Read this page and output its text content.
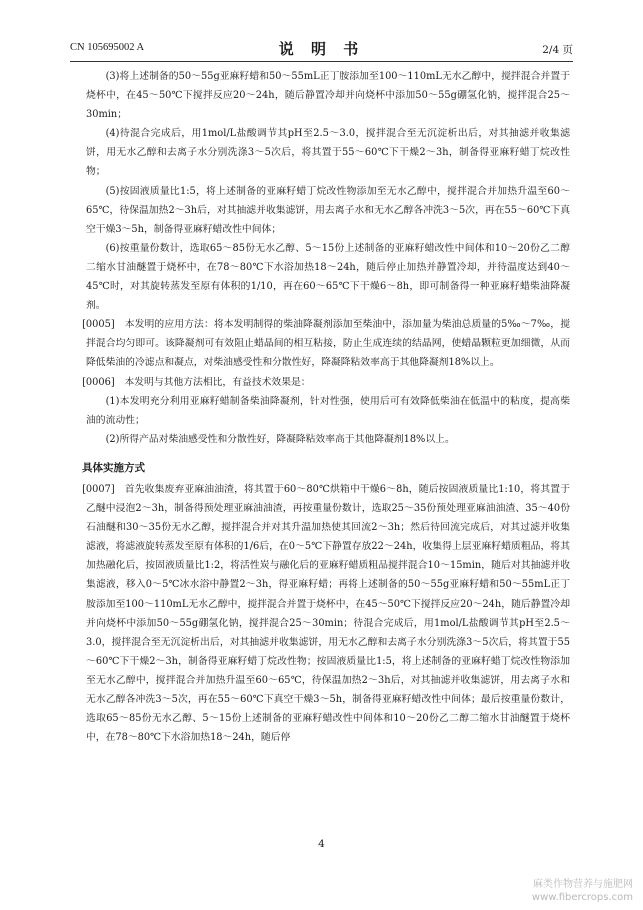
CN 105695002 A	说 明 书	2/4 页

(3)将上述制备的50～55g亚麻籽蜡和50～55mL正丁胺添加至100～110mL无水乙醇中，搅拌混合并置于烧杯中，在45～50℃下搅拌反应20～24h，随后静置冷却并向烧杯中添加50～55g硼氢化钠，搅拌混合25～30min；

(4)待混合完成后，用1mol/L盐酸调节其pH至2.5～3.0，搅拌混合至无沉淀析出后，对其抽滤并收集滤饼，用无水乙醇和去离子水分别洗涤3～5次后，将其置于55～60℃下干燥2～3h，制备得亚麻籽蜡丁烷改性物；

(5)按固液质量比1:5，将上述制备的亚麻籽蜡丁烷改性物添加至无水乙醇中，搅拌混合并加热升温至60～65℃，待保温加热2～3h后，对其抽滤并收集滤饼，用去离子水和无水乙醇各冲洗3～5次，再在55～60℃下真空干燥3～5h，制备得亚麻籽蜡改性中间体；

(6)按重量份数计，选取65～85份无水乙醇、5～15份上述制备的亚麻籽蜡改性中间体和10～20份乙二醇二缩水甘油醚置于烧杯中，在78～80℃下水浴加热18～24h，随后停止加热并静置冷却，并待温度达到40～45℃时，对其旋转蒸发至原有体积的1/10，再在60～65℃下干燥6～8h，即可制备得一种亚麻籽蜡柴油降凝剂。

[0005]　本发明的应用方法：将本发明制得的柴油降凝剂添加至柴油中，添加量为柴油总质量的5‰～7‰，搅拌混合均匀即可。该降凝剂可有效阻止蜡晶间的相互粘接，防止生成连续的结晶网，使蜡晶颗粒更加细微，从而降低柴油的冷滤点和凝点，对柴油感受性和分散性好，降凝降粘效率高于其他降凝剂18%以上。

[0006]　本发明与其他方法相比，有益技术效果是：

(1)本发明充分利用亚麻籽蜡制备柴油降凝剂，针对性强，使用后可有效降低柴油在低温中的粘度，提高柴油的流动性；

(2)所得产品对柴油感受性和分散性好，降凝降粘效率高于其他降凝剂18%以上。

具体实施方式

[0007]　首先收集废弃亚麻油油渣，将其置于60～80℃烘箱中干燥6～8h，随后按固液质量比1:10，将其置于乙醚中浸泡2～3h，制备得预处理亚麻油油渣，再按重量份数计，选取25～35份预处理亚麻油油渣、35～40份石油醚和30～35份无水乙醇，搅拌混合并对其升温加热使其回流2～3h；然后待回流完成后，对其过滤并收集滤液，将滤液旋转蒸发至原有体积的1/6后，在0～5℃下静置存放22～24h，收集得上层亚麻籽蜡质粗品，将其加热融化后，按固液质量比1:2，将活性炭与融化后的亚麻籽蜡质粗品搅拌混合10～15min，随后对其抽滤并收集滤液，移入0～5℃冰水浴中静置2～3h，得亚麻籽蜡；再将上述制备的50～55g亚麻籽蜡和50～55mL正丁胺添加至100～110mL无水乙醇中，搅拌混合并置于烧杯中，在45～50℃下搅拌反应20～24h，随后静置冷却并向烧杯中添加50～55g硼氢化钠，搅拌混合25～30min；待混合完成后，用1mol/L盐酸调节其pH至2.5～3.0，搅拌混合至无沉淀析出后，对其抽滤并收集滤饼，用无水乙醇和去离子水分别洗涤3～5次后，将其置于55～60℃下干燥2～3h，制备得亚麻籽蜡丁烷改性物；按固液质量比1:5，将上述制备的亚麻籽蜡丁烷改性物添加至无水乙醇中，搅拌混合并加热升温至60～65℃，待保温加热2～3h后，对其抽滤并收集滤饼，用去离子水和无水乙醇各冲洗3～5次，再在55～60℃下真空干燥3～5h，制备得亚麻籽蜡改性中间体；最后按重量份数计，选取65～85份无水乙醇、5～15份上述制备的亚麻籽蜡改性中间体和10～20份乙二醇二缩水甘油醚置于烧杯中，在78～80℃下水浴加热18～24h，随后停

4
麻类作物营养与施肥网
www.fibercrops.com
